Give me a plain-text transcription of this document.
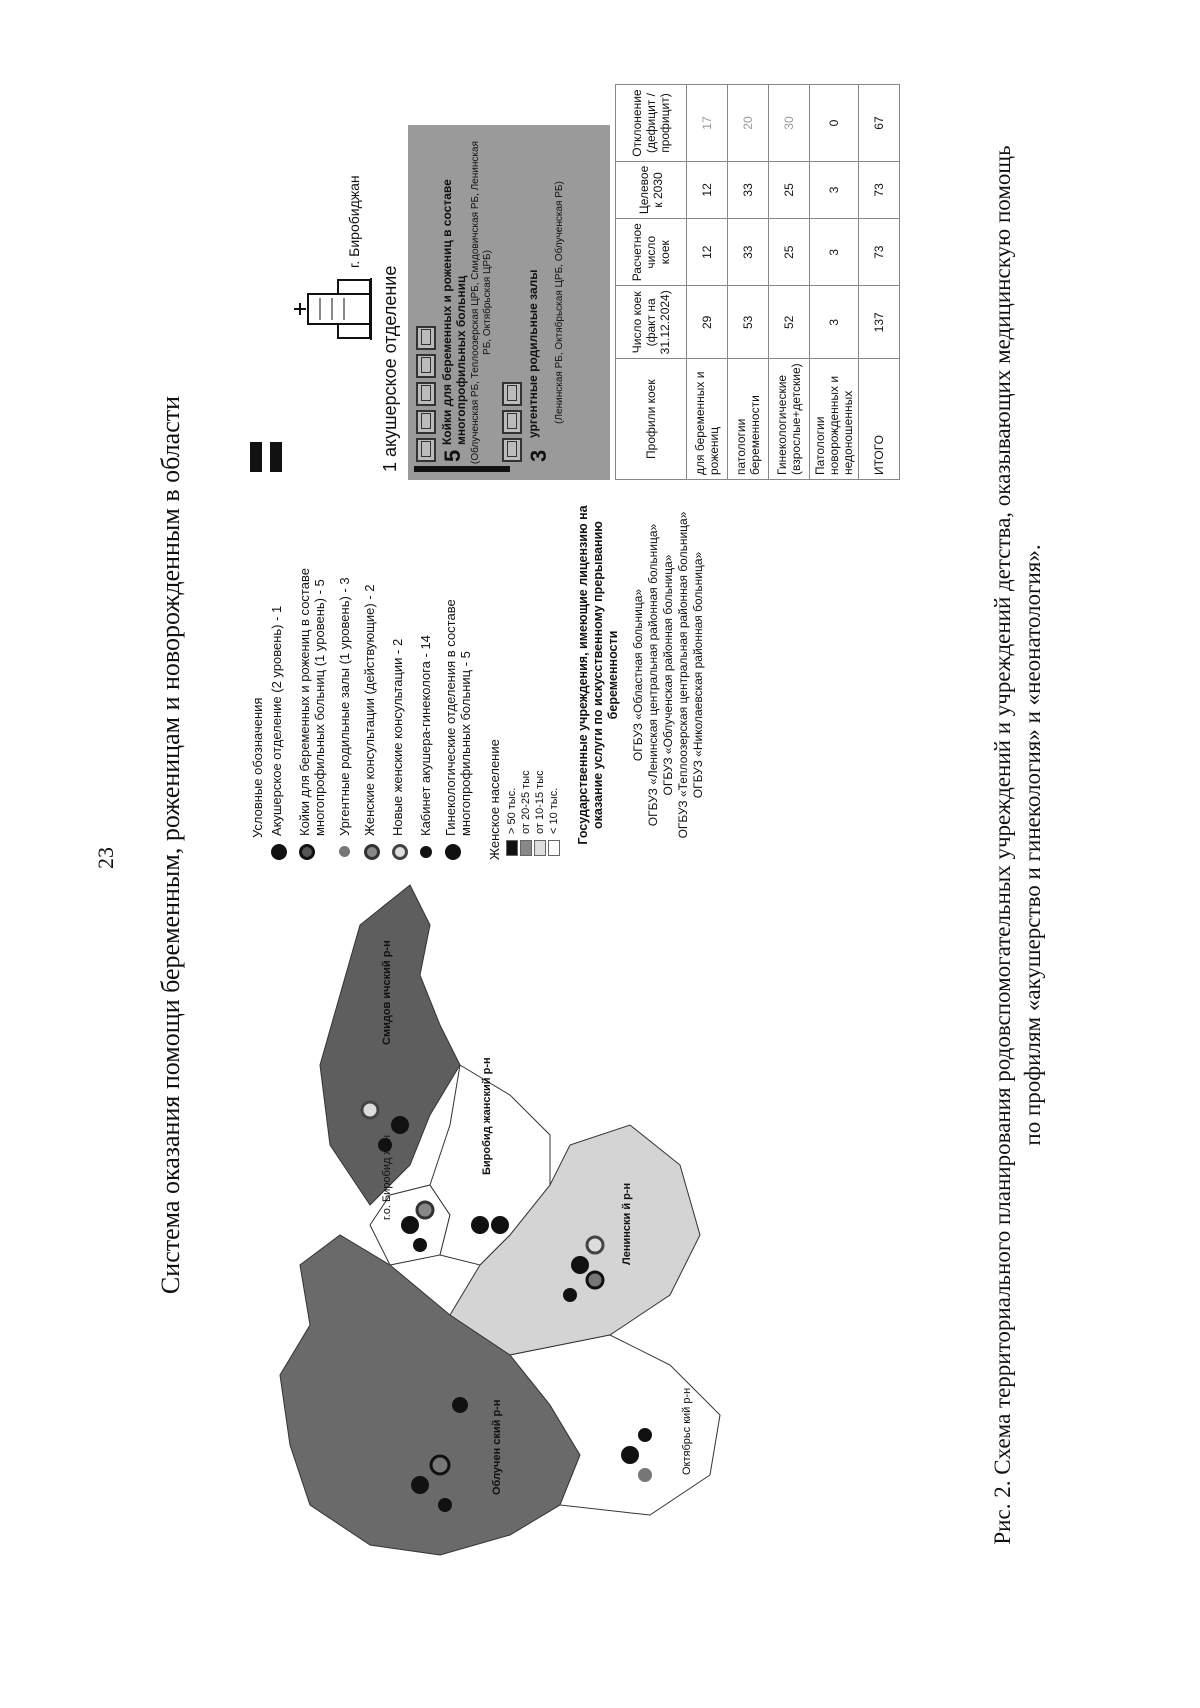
23 Система оказания помощи беременным, роженицам и новорожденным в области
Облучен ский р-н
Смидов ичский р-н
г.о. Биробид жан
Биробид жанский р-н
Ленински й р-н
Октябрьс кий р-н
Условные обозначения Акушерское отделение (2 уровень) - 1 Койки для беременных и рожениц в составе многопрофильных больниц (1 уровень) - 5 Ургентные родильные залы (1 уровень) - 3 Женские консультации (действующие) - 2 Новые женские консультации - 2 Кабинет акушера-гинеколога - 14 Гинекологические отделения в составе многопрофильных больниц - 5 Женское население > 50 тыс. от 20-25 тыс от 10-15 тыс < 10 тыс. Государственные учреждения, имеющие лицензию на оказание услуги по искусственному прерыванию беременности ОГБУЗ «Областная больница» ОГБУЗ «Ленинская центральная районная больница» ОГБУЗ «Облученская районная больница» ОГБУЗ «Теплоозерская центральная районная больница» ОГБУЗ «Николаевская районная больница»
г. Биробиджан
1 акушерское отделение 5
Койки для беременных и рожениц в составе многопрофильных больниц (Облученская РБ, Теплоозерская ЦРБ, Смидовичская РБ, Ленинская РБ, Октябрьская ЦРБ)
3
ургентные родильные залы (Ленинская РБ, Октябрьская ЦРБ, Облученская РБ)	Профили коек	Число коек (факт на 31.12.2024)	Расчетное число коек	Целевое к 2030	Отклонение (дефицит / профицит)
для беременных и рожениц	29	12	12	17
патологии беременности	53	33	33	20
Гинекологические (взрослые+детские)	52	25	25	30
Патологии новорожденных и недоношенных	3	3	3	0
ИТОГО	137	73	73	67
Рис. 2. Схема территориального планирования родовспомогательных учреждений и учреждений детства, оказывающих медицинскую помощь по профилям «акушерство и гинекология» и «неонатология».
